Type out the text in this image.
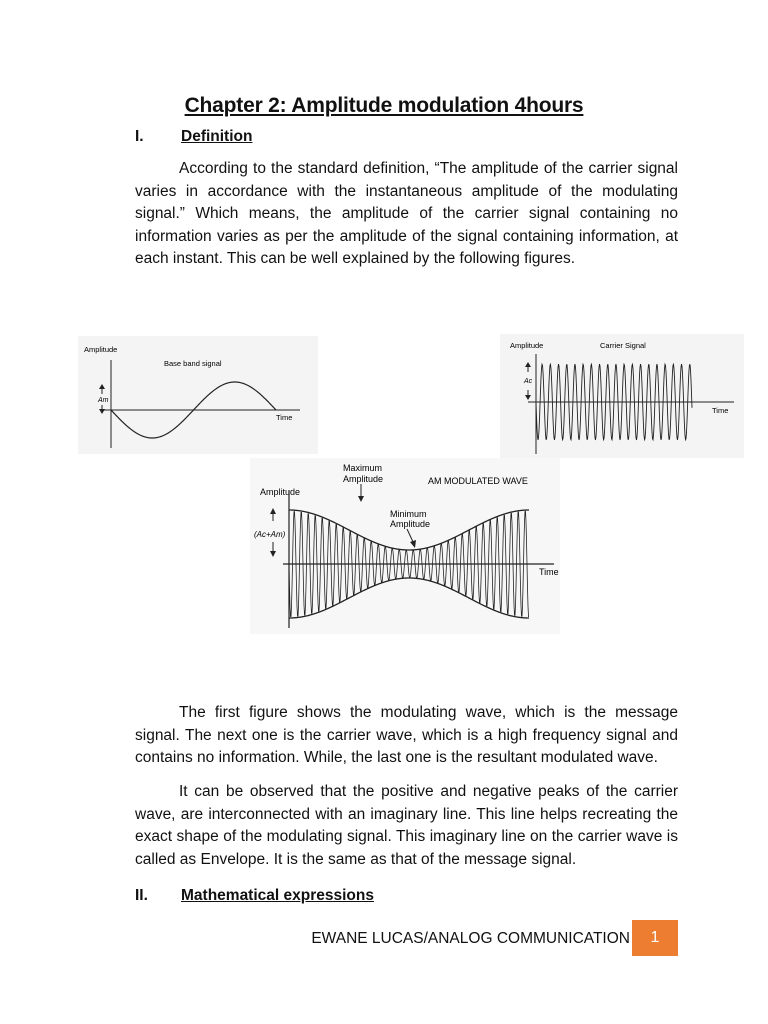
Chapter 2: Amplitude modulation 4hours
I. Definition

According to the standard definition, “The amplitude of the carrier signal varies in accordance with the instantaneous amplitude of the modulating signal.” Which means, the amplitude of the carrier signal containing no information varies as per the amplitude of the signal containing information, at each instant. This can be well explained by the following figures.

Amplitude
Base band signal
Time
Am
Amplitude	Carrier Signal
Time
Ac
Amplitude
Maximum
Amplitude	AM MODULATED WAVE
Minimum
Amplitude
Time
(Ac+Am)

The first figure shows the modulating wave, which is the message signal. The next one is the carrier wave, which is a high frequency signal and contains no information. While, the last one is the resultant modulated wave.

It can be observed that the positive and negative peaks of the carrier wave, are interconnected with an imaginary line. This line helps recreating the exact shape of the modulating signal. This imaginary line on the carrier wave is called as Envelope. It is the same as that of the message signal.

II. Mathematical expressions
EWANE LUCAS/ANALOG COMMUNICATION	1
